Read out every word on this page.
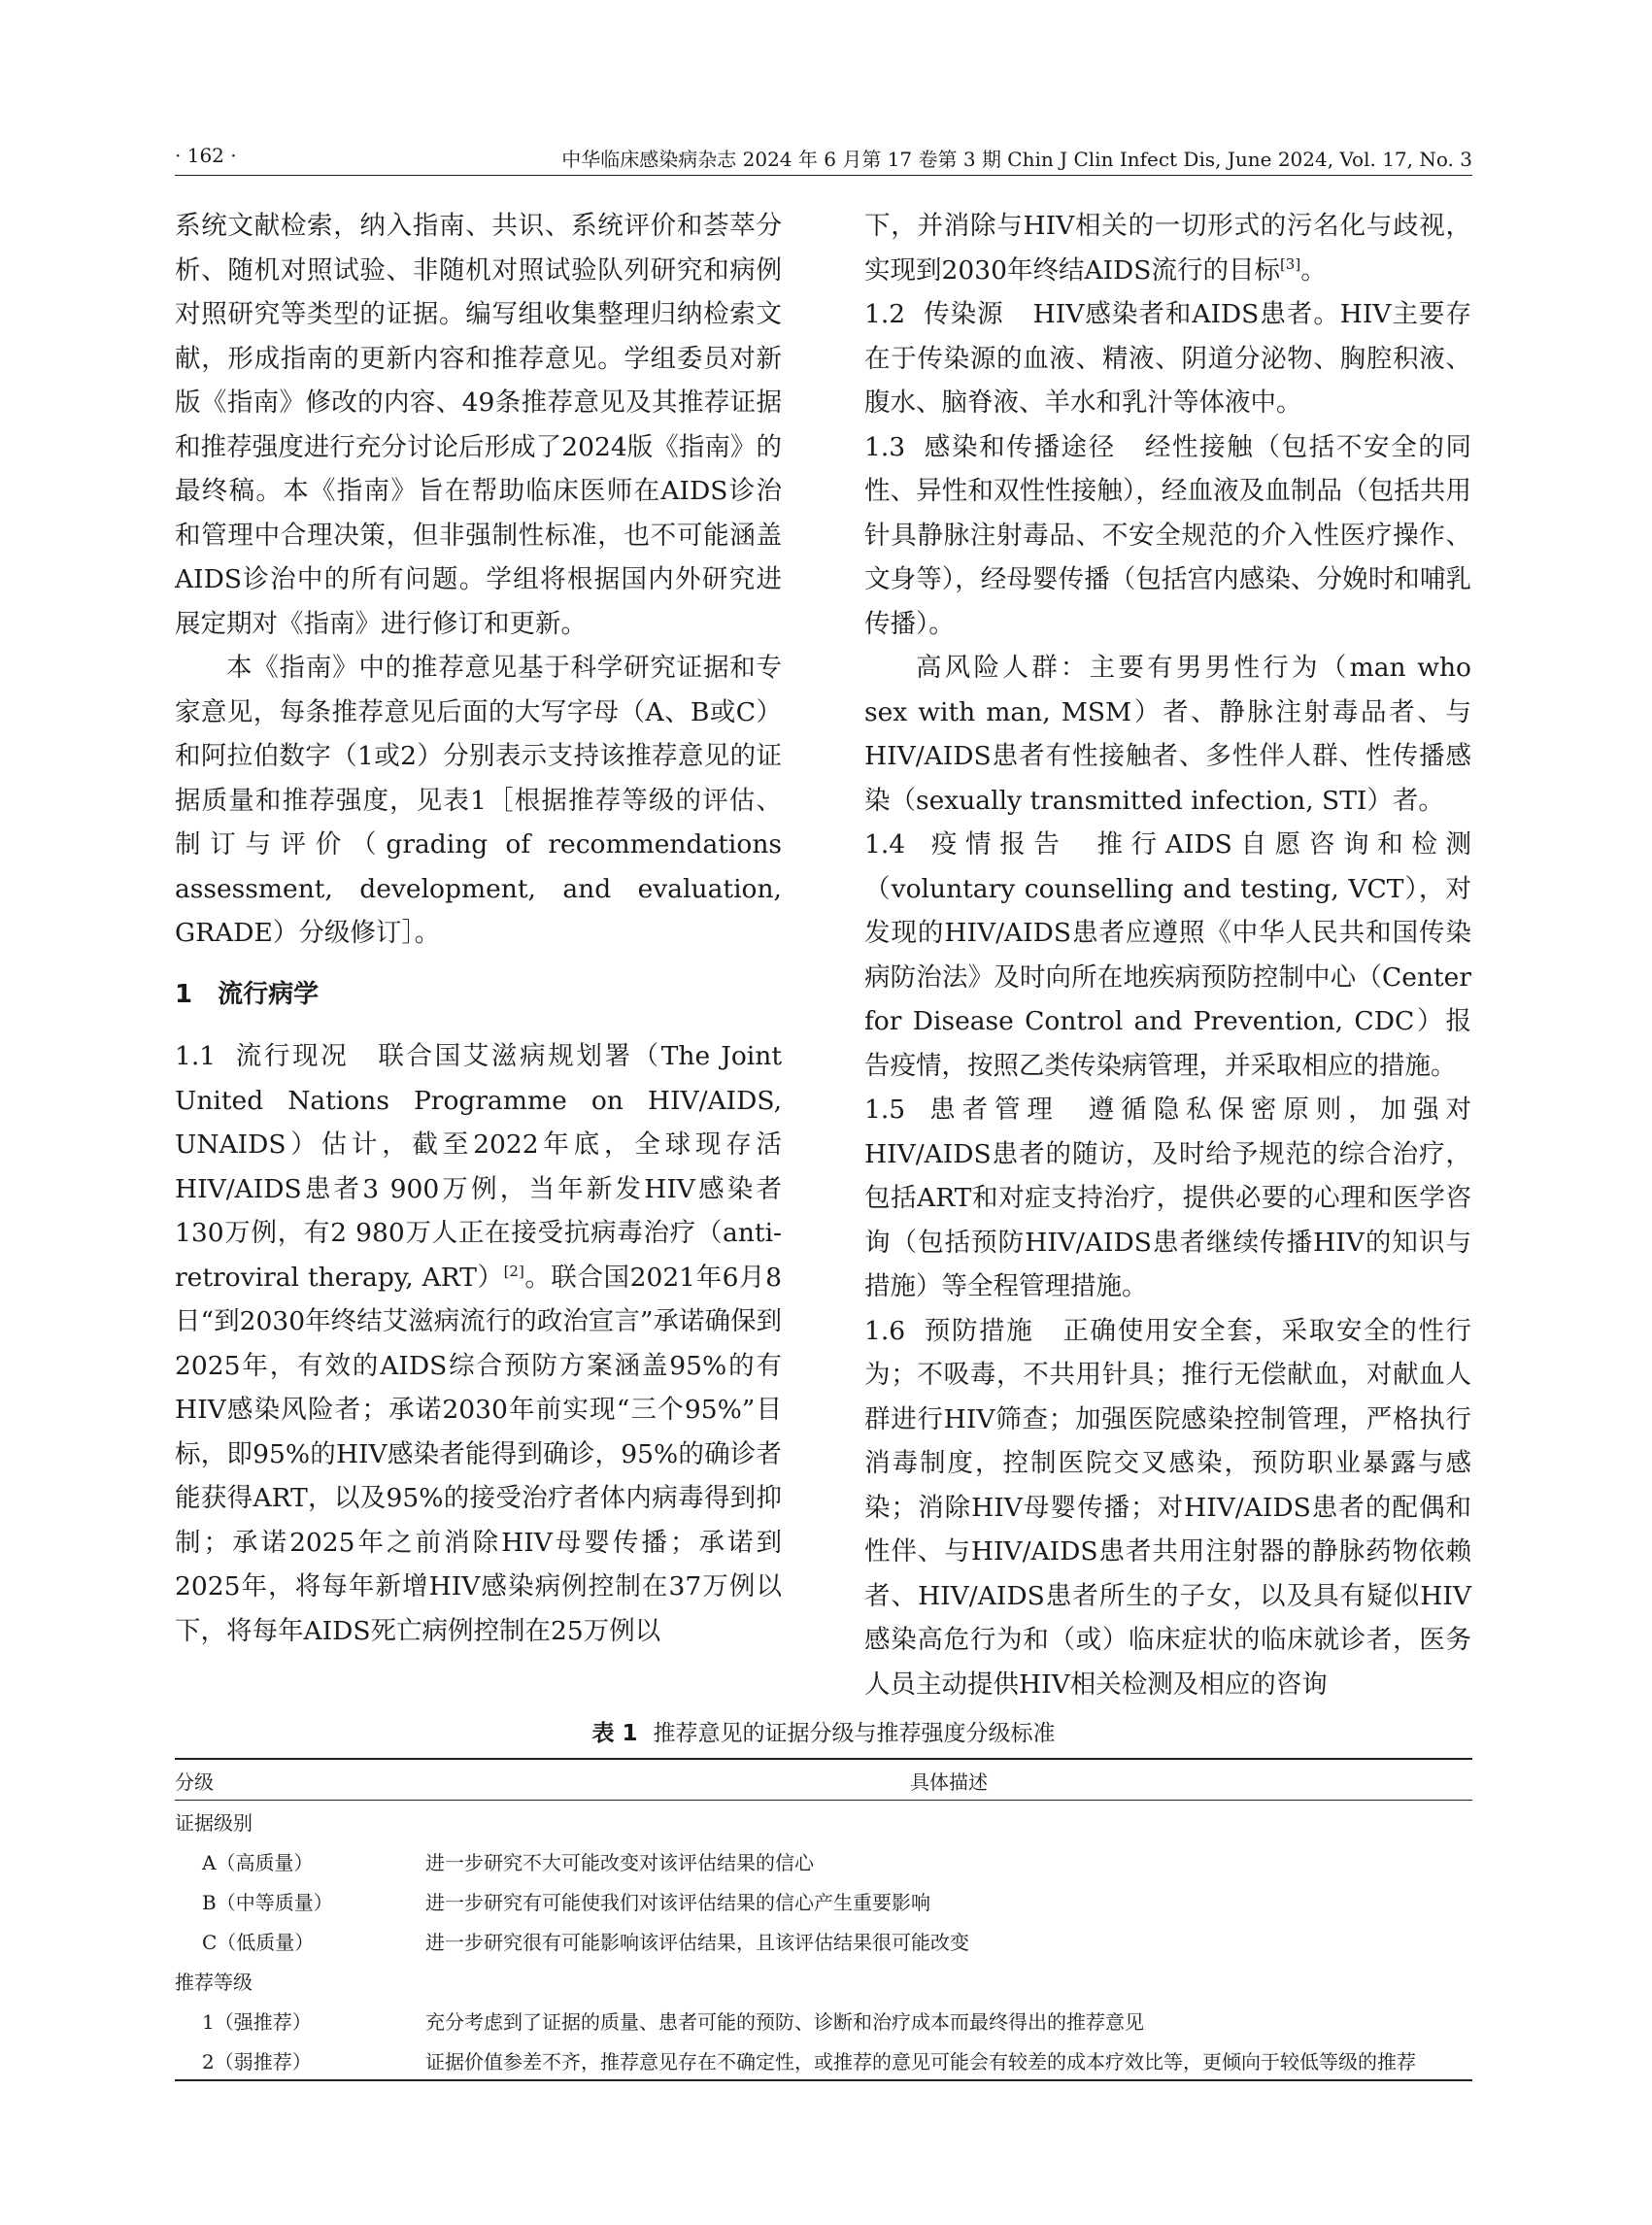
· 162 ·	中华临床感染病杂志 2024 年 6 月第 17 卷第 3 期 Chin J Clin Infect Dis, June 2024, Vol. 17, No. 3

系统文献检索，纳入指南、共识、系统评价和荟萃分析、随机对照试验、非随机对照试验队列研究和病例对照研究等类型的证据。编写组收集整理归纳检索文献，形成指南的更新内容和推荐意见。学组委员对新版《指南》修改的内容、49条推荐意见及其推荐证据和推荐强度进行充分讨论后形成了2024版《指南》的最终稿。本《指南》旨在帮助临床医师在AIDS诊治和管理中合理决策，但非强制性标准，也不可能涵盖AIDS诊治中的所有问题。学组将根据国内外研究进展定期对《指南》进行修订和更新。

本《指南》中的推荐意见基于科学研究证据和专家意见，每条推荐意见后面的大写字母（A、B或C）和阿拉伯数字（1或2）分别表示支持该推荐意见的证据质量和推荐强度，见表1［根据推荐等级的评估、制订与评价（grading of recommendations assessment, development, and evaluation, GRADE）分级修订］。

1　流行病学

1.1 流行现况 联合国艾滋病规划署（The Joint United Nations Programme on HIV/AIDS, UNAIDS）估计，截至2022年底，全球现存活HIV/AIDS患者3 900万例，当年新发HIV感染者130万例，有2 980万人正在接受抗病毒治疗（anti-retroviral therapy, ART）[2]。联合国2021年6月8日“到2030年终结艾滋病流行的政治宣言”承诺确保到2025年，有效的AIDS综合预防方案涵盖95%的有HIV感染风险者；承诺2030年前实现“三个95%”目标，即95%的HIV感染者能得到确诊，95%的确诊者能获得ART，以及95%的接受治疗者体内病毒得到抑制；承诺2025年之前消除HIV母婴传播；承诺到2025年，将每年新增HIV感染病例控制在37万例以下，将每年AIDS死亡病例控制在25万例以

下，并消除与HIV相关的一切形式的污名化与歧视，实现到2030年终结AIDS流行的目标[3]。

1.2 传染源 HIV感染者和AIDS患者。HIV主要存在于传染源的血液、精液、阴道分泌物、胸腔积液、腹水、脑脊液、羊水和乳汁等体液中。

1.3 感染和传播途径 经性接触（包括不安全的同性、异性和双性性接触），经血液及血制品（包括共用针具静脉注射毒品、不安全规范的介入性医疗操作、文身等），经母婴传播（包括宫内感染、分娩时和哺乳传播）。

高风险人群：主要有男男性行为（man who sex with man, MSM）者、静脉注射毒品者、与HIV/AIDS患者有性接触者、多性伴人群、性传播感染（sexually transmitted infection, STI）者。

1.4 疫情报告 推行AIDS自愿咨询和检测（voluntary counselling and testing, VCT），对发现的HIV/AIDS患者应遵照《中华人民共和国传染病防治法》及时向所在地疾病预防控制中心（Center for Disease Control and Prevention, CDC）报告疫情，按照乙类传染病管理，并采取相应的措施。

1.5 患者管理 遵循隐私保密原则，加强对HIV/AIDS患者的随访，及时给予规范的综合治疗，包括ART和对症支持治疗，提供必要的心理和医学咨询（包括预防HIV/AIDS患者继续传播HIV的知识与措施）等全程管理措施。

1.6 预防措施 正确使用安全套，采取安全的性行为；不吸毒，不共用针具；推行无偿献血，对献血人群进行HIV筛查；加强医院感染控制管理，严格执行消毒制度，控制医院交叉感染，预防职业暴露与感染；消除HIV母婴传播；对HIV/AIDS患者的配偶和性伴、与HIV/AIDS患者共用注射器的静脉药物依赖者、HIV/AIDS患者所生的子女，以及具有疑似HIV感染高危行为和（或）临床症状的临床就诊者，医务人员主动提供HIV相关检测及相应的咨询

表 1 推荐意见的证据分级与推荐强度分级标准
分级	具体描述
证据级别	
A（高质量）	进一步研究不大可能改变对该评估结果的信心
B（中等质量）	进一步研究有可能使我们对该评估结果的信心产生重要影响
C（低质量）	进一步研究很有可能影响该评估结果，且该评估结果很可能改变
推荐等级	
1（强推荐）	充分考虑到了证据的质量、患者可能的预防、诊断和治疗成本而最终得出的推荐意见
2（弱推荐）	证据价值参差不齐，推荐意见存在不确定性，或推荐的意见可能会有较差的成本疗效比等，更倾向于较低等级的推荐
